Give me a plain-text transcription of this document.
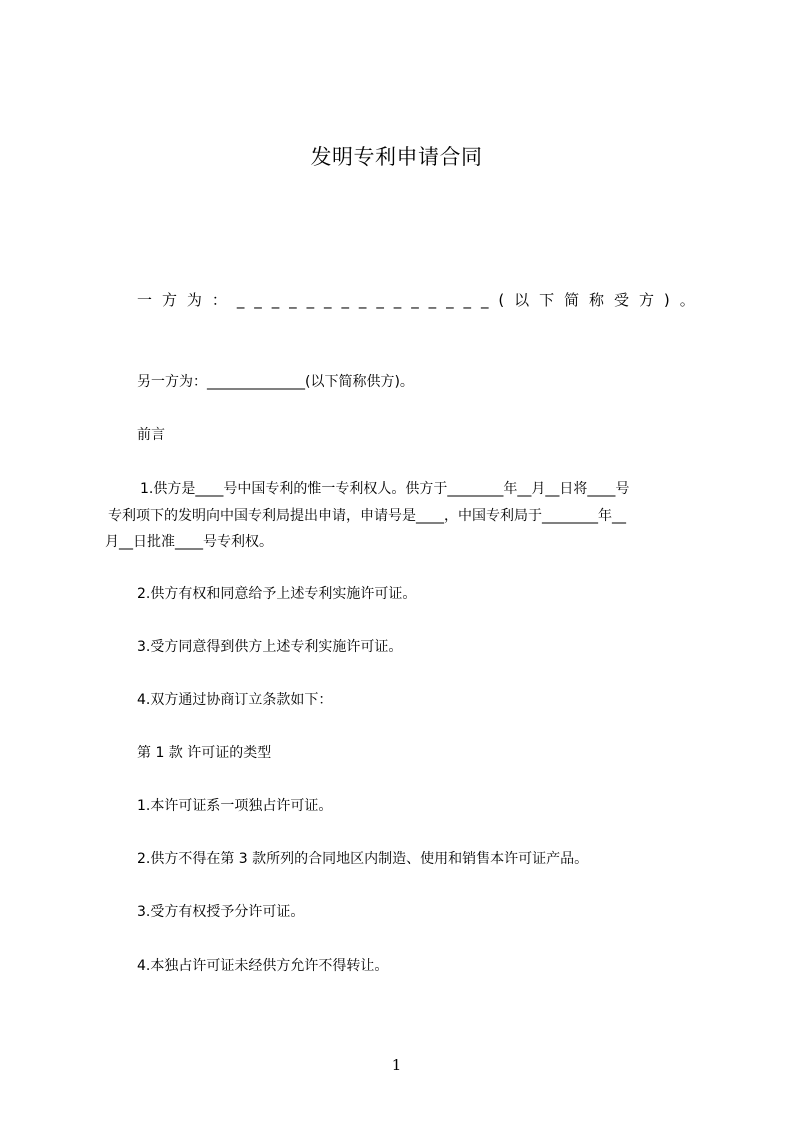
发明专利申请合同
一 方 为 ： _ _ _ _ _ _ _ _ _ _ _ _ _ _ _ ( 以 下 简 称 受 方 ) 。
另一方为：______________(以下简称供方)。
前言
1.供方是____号中国专利的惟一专利权人。供方于________年__月__日将____号
专利项下的发明向中国专利局提出申请，申请号是____，中国专利局于________年__
月__日批准____号专利权。
2.供方有权和同意给予上述专利实施许可证。
3.受方同意得到供方上述专利实施许可证。
4.双方通过协商订立条款如下：
第 1 款 许可证的类型
1.本许可证系一项独占许可证。
2.供方不得在第 3 款所列的合同地区内制造、使用和销售本许可证产品。
3.受方有权授予分许可证。
4.本独占许可证未经供方允许不得转让。
1
